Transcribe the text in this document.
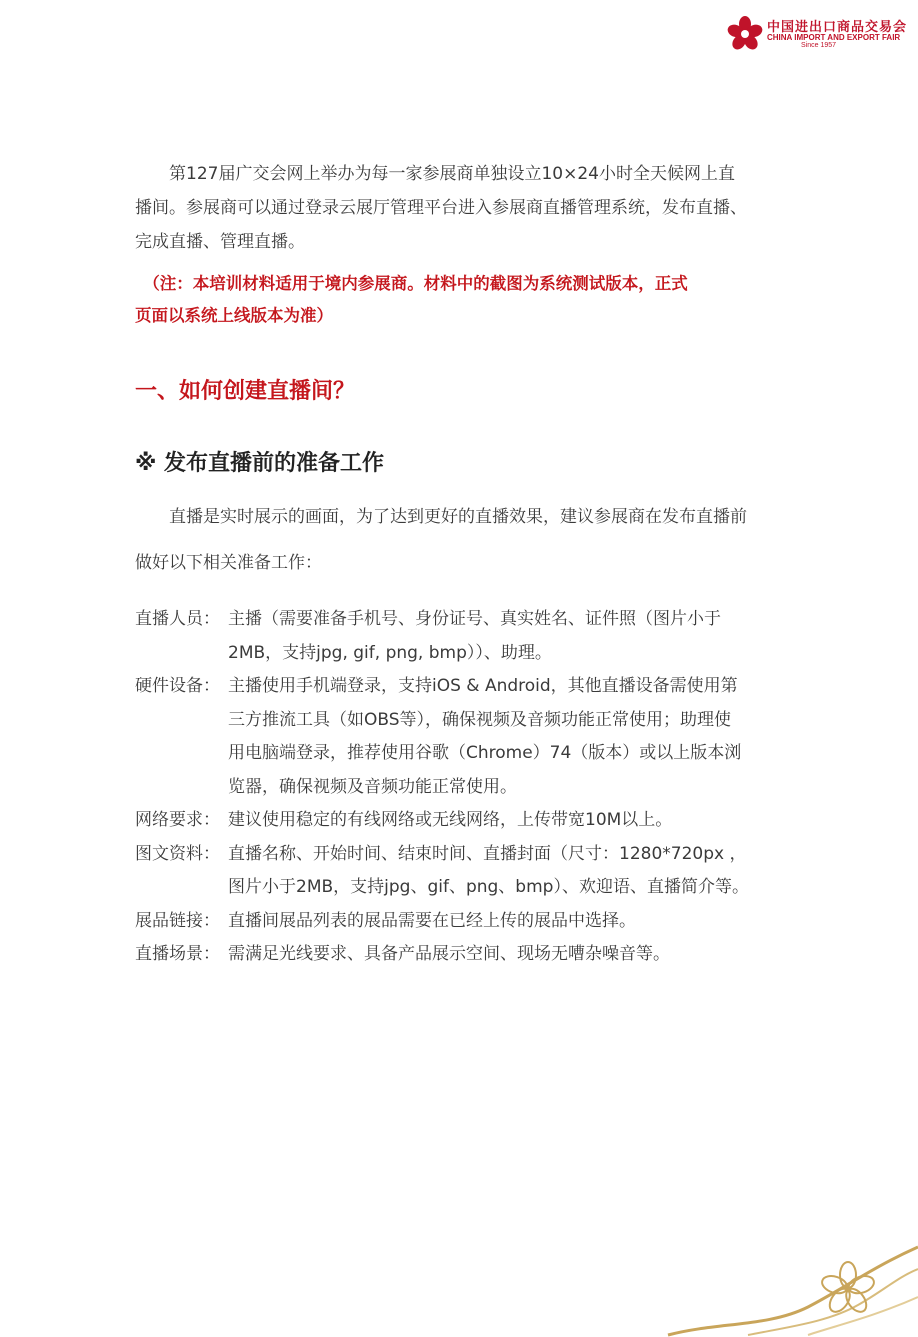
中国进出口商品交易会
CHINA IMPORT AND EXPORT FAIR
Since 1957
　　第127届广交会网上举办为每一家参展商单独设立10×24小时全天候网上直
播间。参展商可以通过登录云展厅管理平台进入参展商直播管理系统，发布直播、
完成直播、管理直播。
　（注：本培训材料适用于境内参展商。材料中的截图为系统测试版本，正式
页面以系统上线版本为准）
一、如何创建直播间？
※ 发布直播前的准备工作
　　直播是实时展示的画面，为了达到更好的直播效果，建议参展商在发布直播前
做好以下相关准备工作：
直播人员： 主播（需要准备手机号、身份证号、真实姓名、证件照（图片小于
2MB，支持jpg, gif, png, bmp））、助理。
硬件设备： 主播使用手机端登录，支持iOS & Android，其他直播设备需使用第
三方推流工具（如OBS等），确保视频及音频功能正常使用；助理使
用电脑端登录，推荐使用谷歌（Chrome）74（版本）或以上版本浏
览器，确保视频及音频功能正常使用。
网络要求： 建议使用稳定的有线网络或无线网络，上传带宽10M以上。
图文资料： 直播名称、开始时间、结束时间、直播封面（尺寸：1280*720px ，
图片小于2MB，支持jpg、gif、png、bmp）、欢迎语、直播简介等。
展品链接： 直播间展品列表的展品需要在已经上传的展品中选择。
直播场景： 需满足光线要求、具备产品展示空间、现场无嘈杂噪音等。
